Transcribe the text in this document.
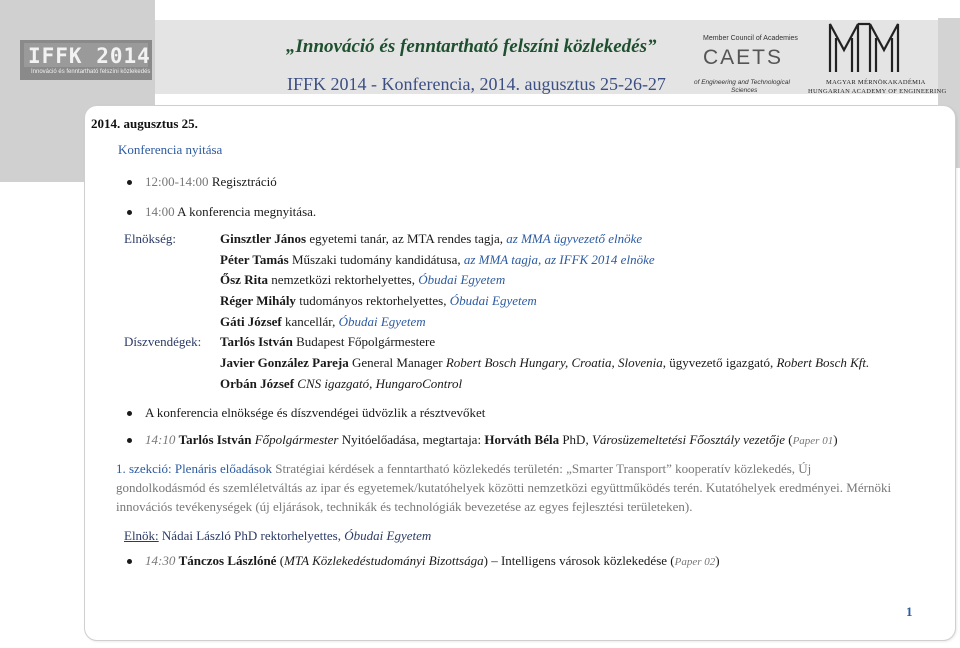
IFFK 2014
Innováció és fenntartható felszíni közlekedés
„Innováció és fenntartható felszíni közlekedés”
IFFK 2014 - Konferencia, 2014. augusztus 25-26-27
Member Council of Academies
CAETS
of Engineering and Technological
Sciences
MAGYAR MÉRNÖKAKADÉMIA
HUNGARIAN ACADEMY OF ENGINEERING
2014. augusztus 25.
Konferencia nyitása
12:00-14:00 Regisztráció
14:00 A konferencia megnyitása.
Elnökség:	Ginsztler János egyetemi tanár, az MTA rendes tagja, az MMA ügyvezető elnöke
Péter Tamás Műszaki tudomány kandidátusa, az MMA tagja, az IFFK 2014 elnöke
Ősz Rita nemzetközi rektorhelyettes, Óbudai Egyetem
Réger Mihály tudományos rektorhelyettes, Óbudai Egyetem
Gáti József kancellár, Óbudai Egyetem
Díszvendégek: Tarlós István Budapest Főpolgármestere
Javier González Pareja General Manager Robert Bosch Hungary, Croatia, Slovenia, ügyvezető igazgató, Robert Bosch Kft.
Orbán József CNS igazgató, HungaroControl
A konferencia elnöksége és díszvendégei üdvözlik a résztvevőket
14:10 Tarlós István Főpolgármester Nyitóelőadása, megtartaja: Horváth Béla PhD, Városüzemeltetési Főosztály vezetője (Paper 01)
1. szekció: Plenáris előadások Stratégiai kérdések a fenntartható közlekedés területén: „Smarter Transport” kooperatív közlekedés, Új
gondolkodásmód és szemléletváltás az ipar és egyetemek/kutatóhelyek közötti nemzetközi együttműködés terén. Kutatóhelyek eredményei. Mérnöki
innovációs tevékenységek (új eljárások, technikák és technológiák bevezetése az egyes fejlesztési területeken).
Elnök: Nádai László PhD rektorhelyettes, Óbudai Egyetem
14:30 Tánczos Lászlóné (MTA Közlekedéstudományi Bizottsága) – Intelligens városok közlekedése (Paper 02)
1
